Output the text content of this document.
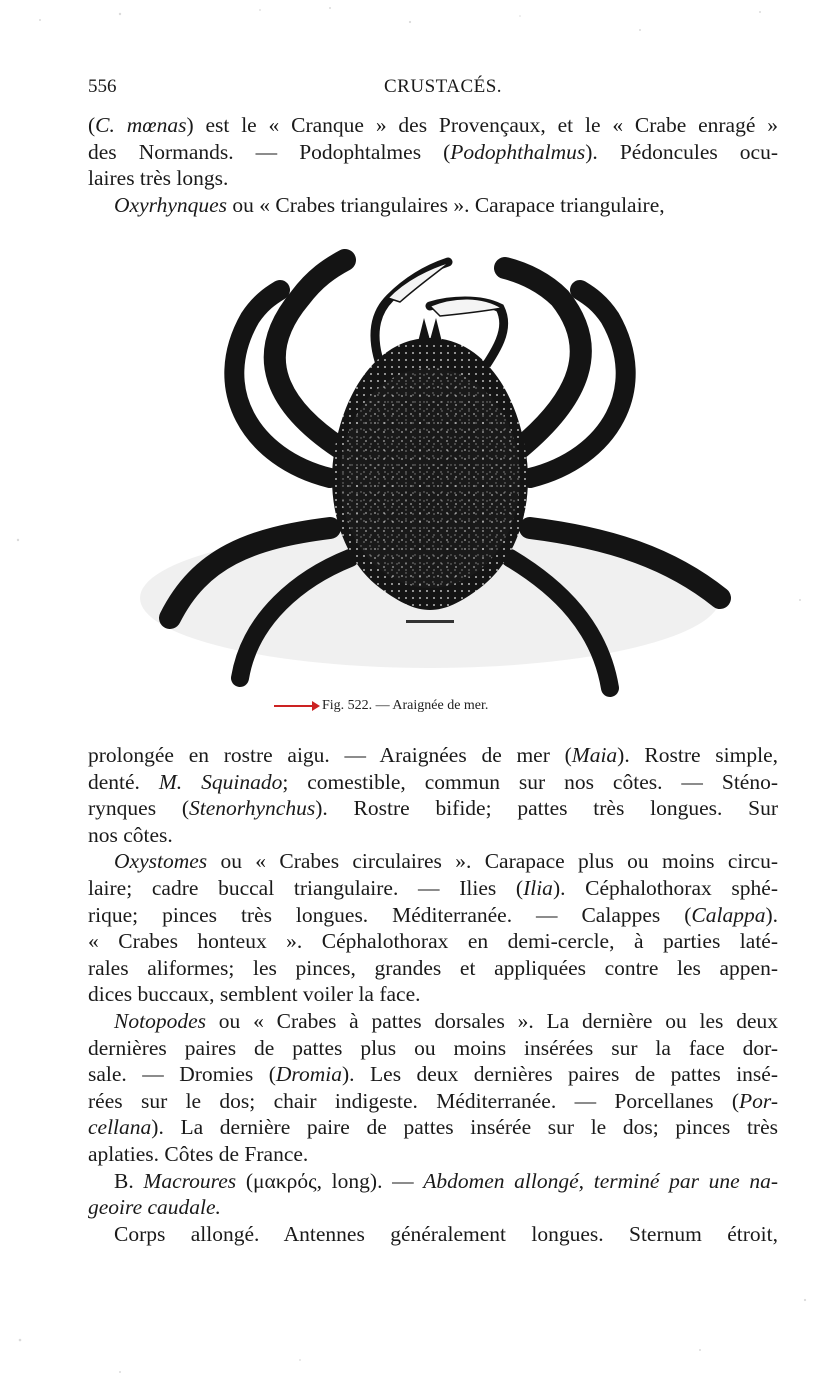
556	CRUSTACÉS.
(C. mœnas) est le « Cranque » des Provençaux, et le « Crabe enragé »
des Normands. — Podophtalmes (Podophthalmus). Pédoncules ocu-
laires très longs.
Oxyrhynques ou « Crabes triangulaires ». Carapace triangulaire,
Fig. 522. — Araignée de mer.
prolongée en rostre aigu. — Araignées de mer (Maia). Rostre simple,
denté. M. Squinado; comestible, commun sur nos côtes. — Sténo-
rynques (Stenorhynchus). Rostre bifide; pattes très longues. Sur
nos côtes.
Oxystomes ou « Crabes circulaires ». Carapace plus ou moins circu-
laire; cadre buccal triangulaire. — Ilies (Ilia). Céphalothorax sphé-
rique; pinces très longues. Méditerranée. — Calappes (Calappa).
« Crabes honteux ». Céphalothorax en demi-cercle, à parties laté-
rales aliformes; les pinces, grandes et appliquées contre les appen-
dices buccaux, semblent voiler la face.
Notopodes ou « Crabes à pattes dorsales ». La dernière ou les deux
dernières paires de pattes plus ou moins insérées sur la face dor-
sale. — Dromies (Dromia). Les deux dernières paires de pattes insé-
rées sur le dos; chair indigeste. Méditerranée. — Porcellanes (Por-
cellana). La dernière paire de pattes insérée sur le dos; pinces très
aplaties. Côtes de France.
B. Macroures (μακρός, long). — Abdomen allongé, terminé par une na-
geoire caudale.
Corps allongé. Antennes généralement longues. Sternum étroit,
